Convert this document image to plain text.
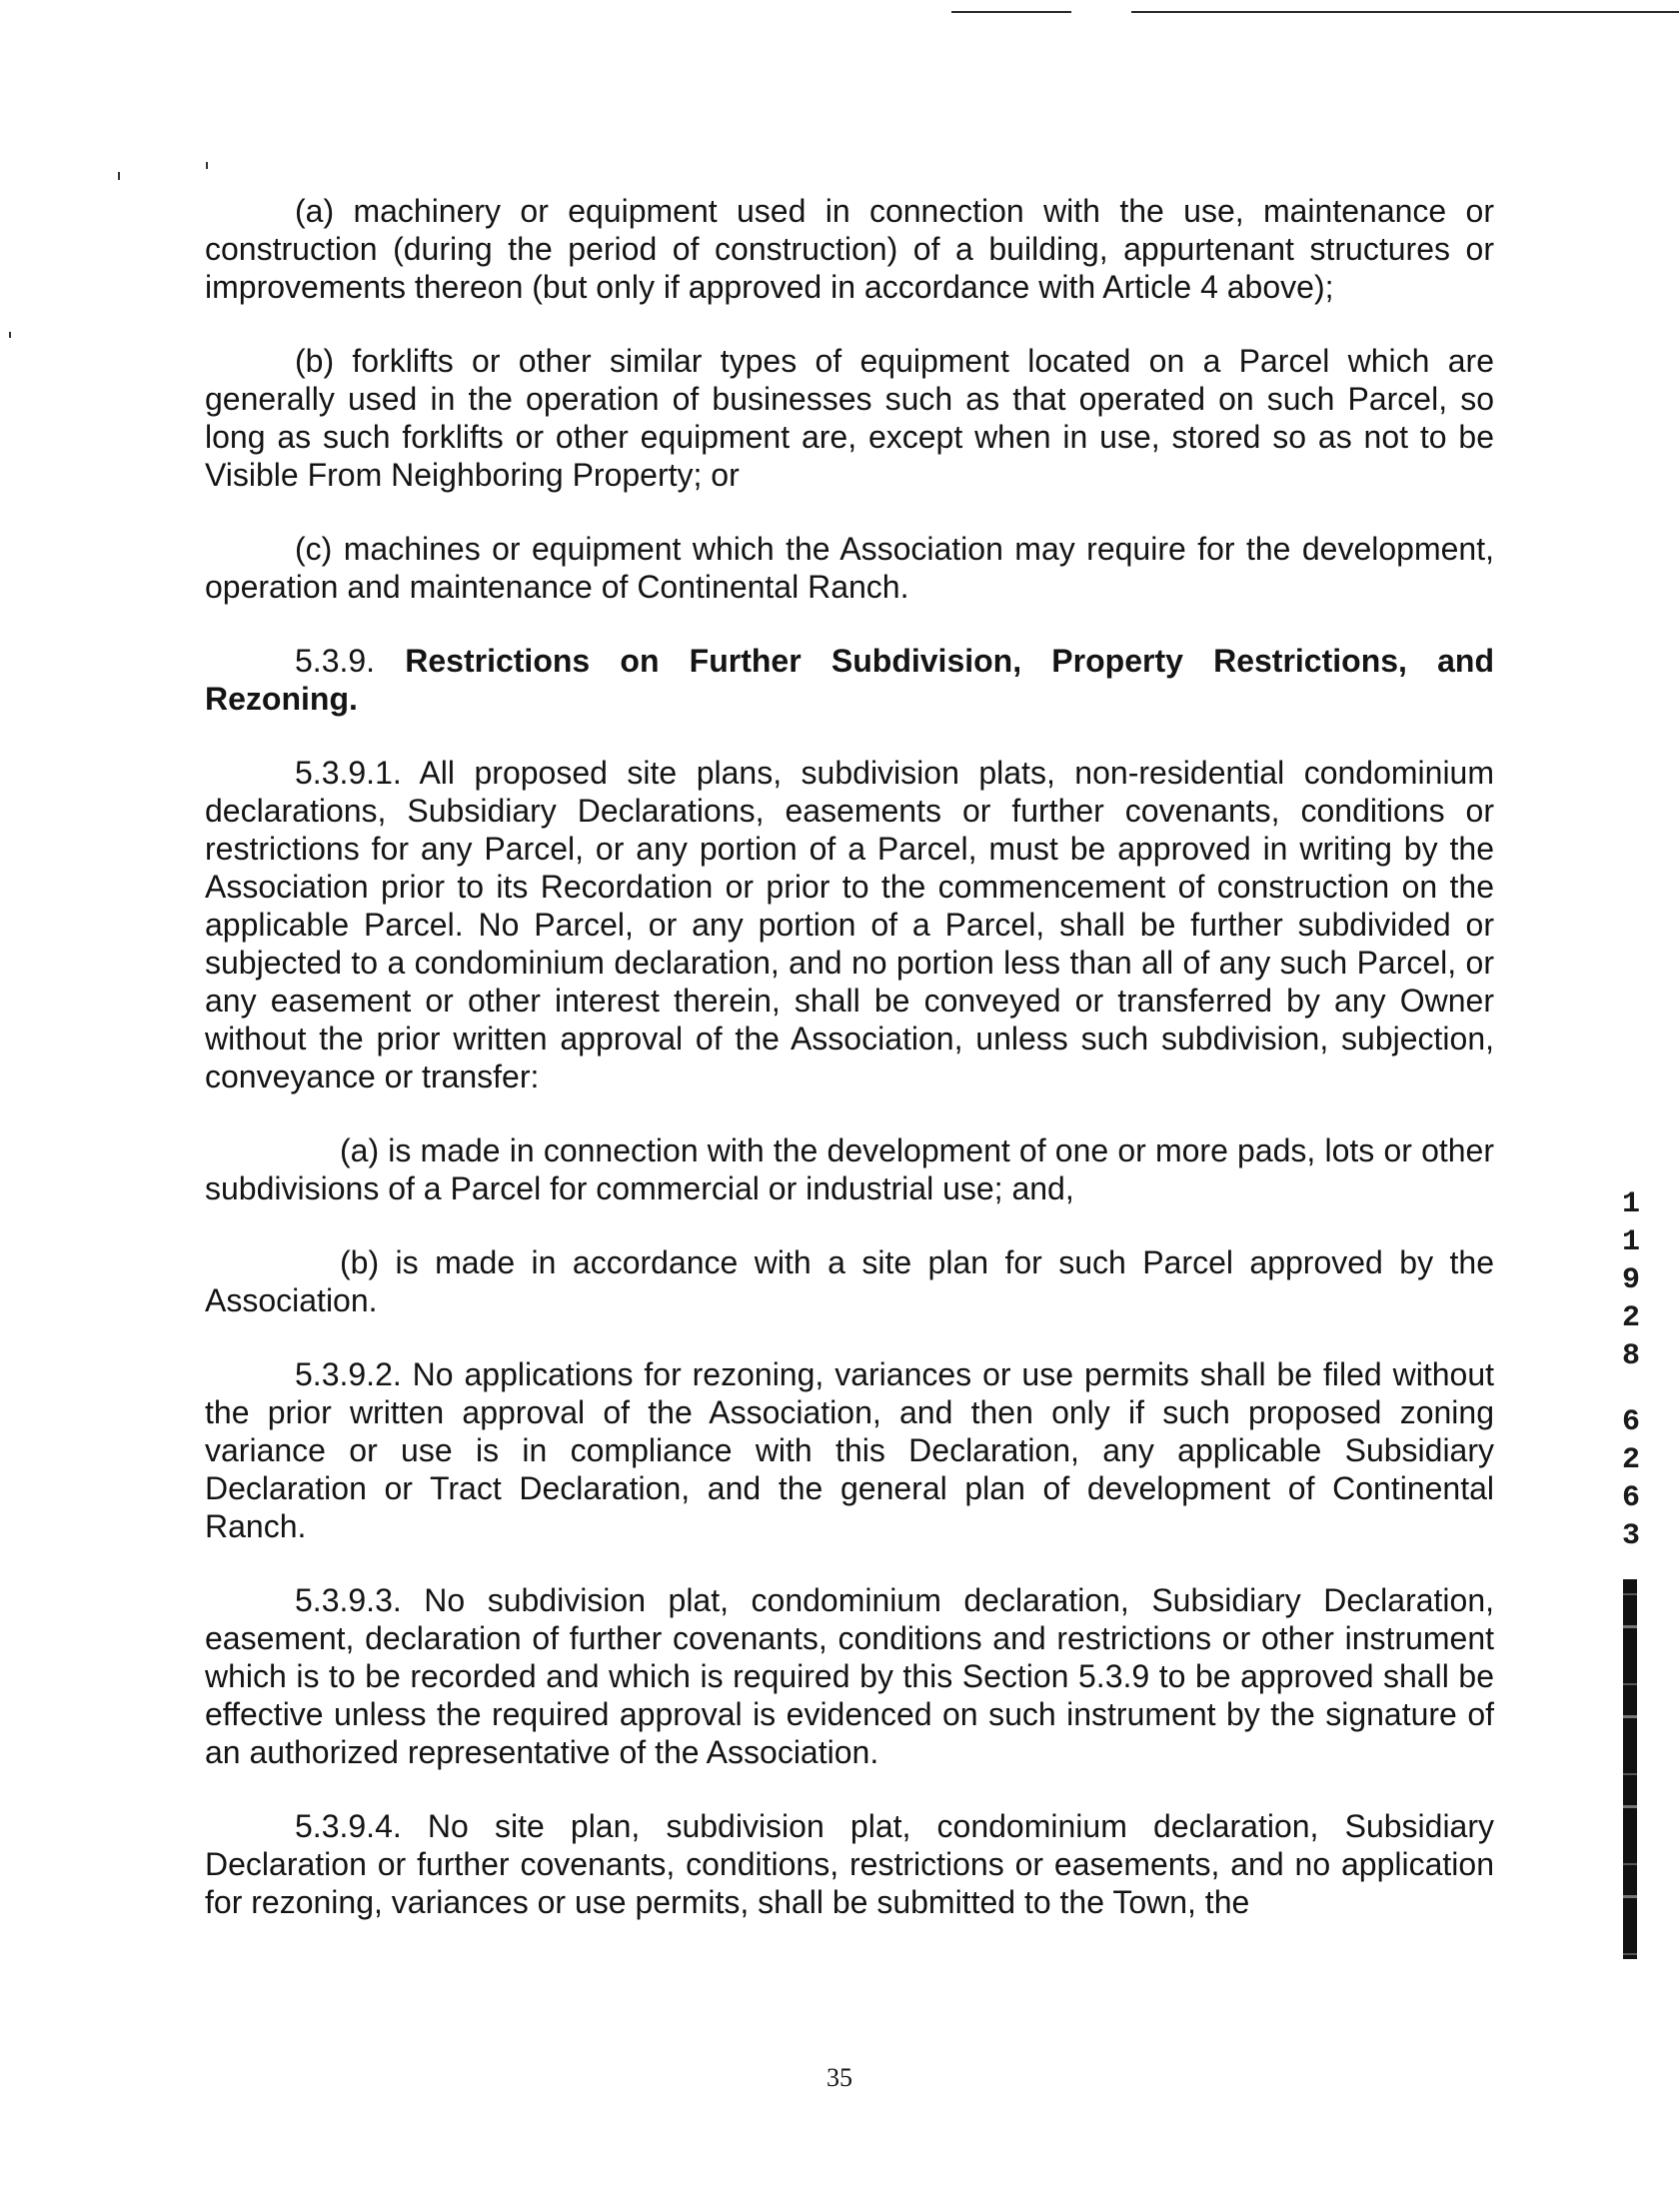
(a) machinery or equipment used in connection with the use, maintenance or construction (during the period of construction) of a building, appurtenant structures or improvements thereon (but only if approved in accordance with Article 4 above);

(b) forklifts or other similar types of equipment located on a Parcel which are generally used in the operation of businesses such as that operated on such Parcel, so long as such forklifts or other equipment are, except when in use, stored so as not to be Visible From Neighboring Property; or

(c) machines or equipment which the Association may require for the development, operation and maintenance of Continental Ranch.

5.3.9. Restrictions on Further Subdivision, Property Restrictions, and Rezoning.

5.3.9.1. All proposed site plans, subdivision plats, non-residential condominium declarations, Subsidiary Declarations, easements or further covenants, conditions or restrictions for any Parcel, or any portion of a Parcel, must be approved in writing by the Association prior to its Recordation or prior to the commencement of construction on the applicable Parcel. No Parcel, or any portion of a Parcel, shall be further subdivided or subjected to a condominium declaration, and no portion less than all of any such Parcel, or any easement or other interest therein, shall be conveyed or transferred by any Owner without the prior written approval of the Association, unless such subdivision, subjection, conveyance or transfer:

(a) is made in connection with the development of one or more pads, lots or other subdivisions of a Parcel for commercial or industrial use; and,

(b) is made in accordance with a site plan for such Parcel approved by the Association.

5.3.9.2. No applications for rezoning, variances or use permits shall be filed without the prior written approval of the Association, and then only if such proposed zoning variance or use is in compliance with this Declaration, any applicable Subsidiary Declaration or Tract Declaration, and the general plan of development of Continental Ranch.

5.3.9.3. No subdivision plat, condominium declaration, Subsidiary Declaration, easement, declaration of further covenants, conditions and restrictions or other instrument which is to be recorded and which is required by this Section 5.3.9 to be approved shall be effective unless the required approval is evidenced on such instrument by the signature of an authorized representative of the Association.

5.3.9.4. No site plan, subdivision plat, condominium declaration, Subsidiary Declaration or further covenants, conditions, restrictions or easements, and no application for rezoning, variances or use permits, shall be submitted to the Town, the

1
1
9
2
8
6
2
6
3
35
